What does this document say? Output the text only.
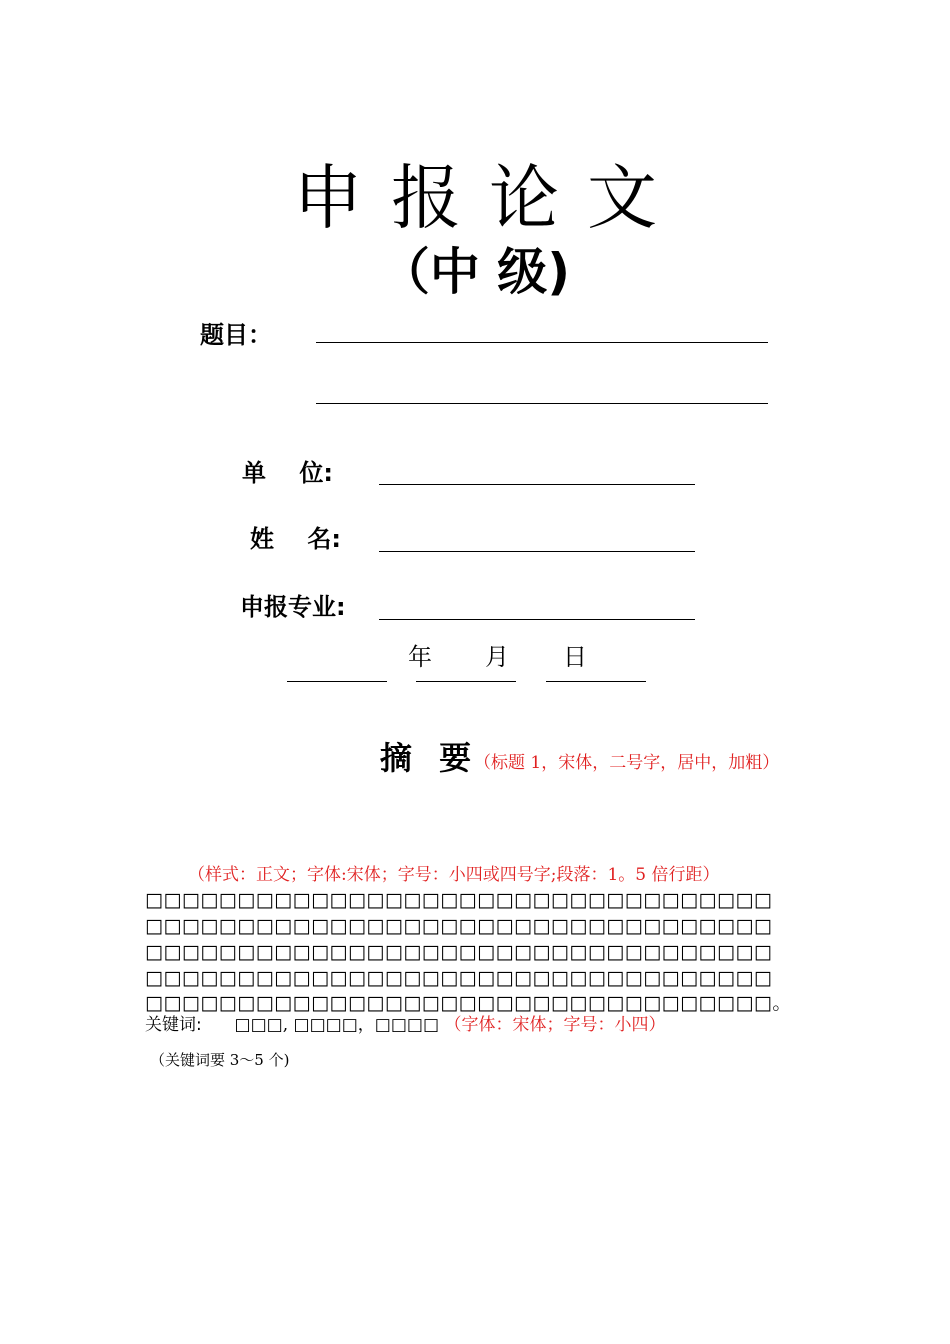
申报论文
（中 级)
题目：
单    位:
姓    名:
申报专业:
年 月 日
摘 要
（标题 1，宋体，二号字，居中，加粗）
（样式：正文；字体:宋体；字号：小四或四号字;段落：1。5 倍行距）
□□□□□□□□□□□□□□□□□□□□□□□□□□□□□□□□□□
□□□□□□□□□□□□□□□□□□□□□□□□□□□□□□□□□□
□□□□□□□□□□□□□□□□□□□□□□□□□□□□□□□□□□
□□□□□□□□□□□□□□□□□□□□□□□□□□□□□□□□□□
□□□□□□□□□□□□□□□□□□□□□□□□□□□□□□□□□□。
关键词: □□□, □□□□，□□□□ （字体：宋体；字号：小四）
（关键词要 3～5 个)
